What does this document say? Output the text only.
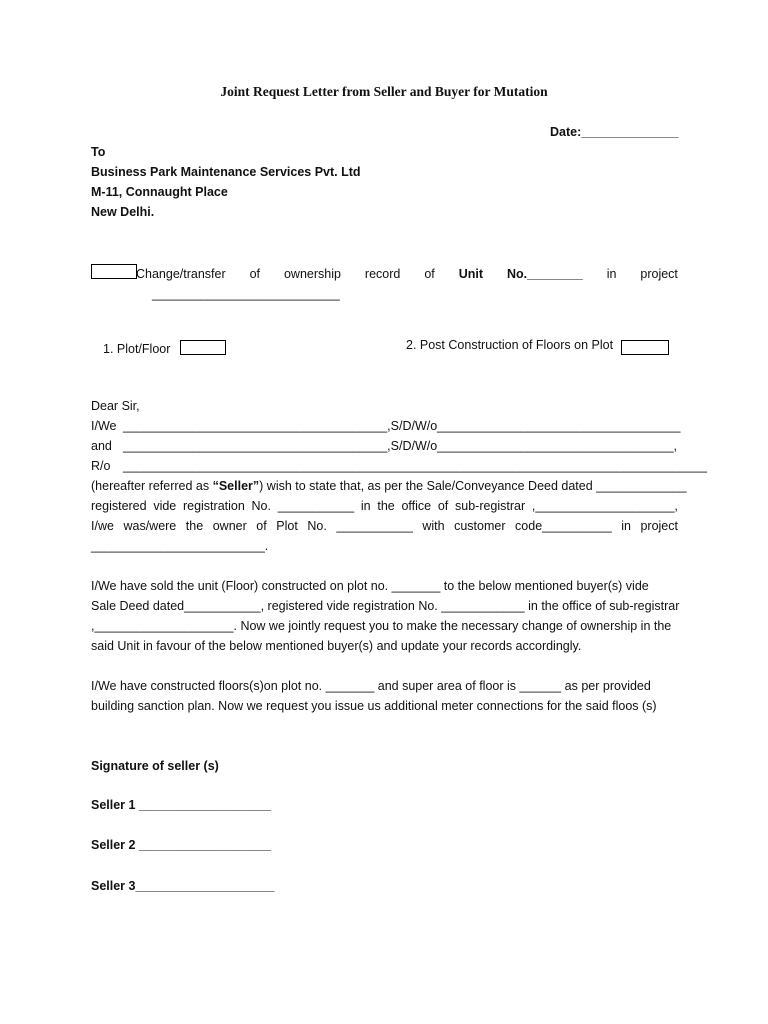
Joint Request Letter from Seller and Buyer for Mutation
Date:______________
To
Business Park Maintenance Services Pvt. Ltd
M-11, Connaught Place
New Delhi.
Change/transfer of ownership record of Unit No.________ in project
___________________________
1. Plot/Floor	2. Post Construction of Floors on Plot
Dear Sir,
I/We ______________________________________,S/D/W/o___________________________________
and ______________________________________,S/D/W/o__________________________________,
R/o ____________________________________________________________________________________
(hereafter referred as “Seller”) wish to state that, as per the Sale/Conveyance Deed dated _____________
registered vide registration No. ___________ in the office of sub-registrar ,____________________,
I/we was/were the owner of Plot No. ___________ with customer code__________ in project
_________________________.
I/We have sold the unit (Floor) constructed on plot no. _______ to the below mentioned buyer(s) vide
Sale Deed dated___________, registered vide registration No. ____________ in the office of sub-registrar
,____________________. Now we jointly request you to make the necessary change of ownership in the
said Unit in favour of the below mentioned buyer(s) and update your records accordingly.
I/We have constructed floors(s)on plot no. _______ and super area of floor is ______ as per provided
building sanction plan. Now we request you issue us additional meter connections for the said floos (s)
Signature of seller (s)
Seller 1 ___________________
Seller 2 ___________________
Seller 3____________________
